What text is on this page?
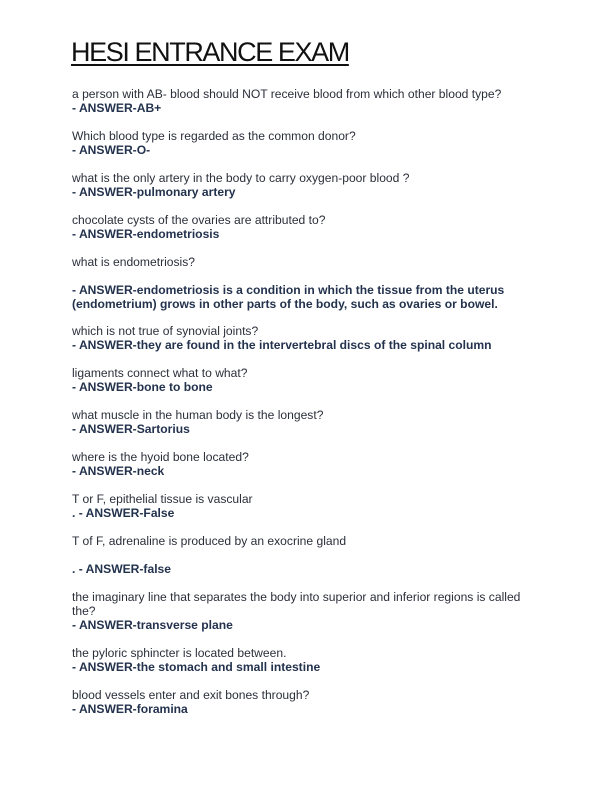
HESI ENTRANCE EXAM

a person with AB- blood should NOT receive blood from which other blood type?

- ANSWER-AB+

Which blood type is regarded as the common donor?

- ANSWER-O-

what is the only artery in the body to carry oxygen-poor blood ?

- ANSWER-pulmonary artery

chocolate cysts of the ovaries are attributed to?

- ANSWER-endometriosis

what is endometriosis?

- ANSWER-endometriosis is a condition in which the tissue from the uterus (endometrium) grows in other parts of the body, such as ovaries or bowel.

which is not true of synovial joints?

- ANSWER-they are found in the intervertebral discs of the spinal column

ligaments connect what to what?

- ANSWER-bone to bone

what muscle in the human body is the longest?

- ANSWER-Sartorius

where is the hyoid bone located?

- ANSWER-neck

T or F, epithelial tissue is vascular

. - ANSWER-False

T of F, adrenaline is produced by an exocrine gland

. - ANSWER-false

the imaginary line that separates the body into superior and inferior regions is called the?

- ANSWER-transverse plane

the pyloric sphincter is located between.

- ANSWER-the stomach and small intestine

blood vessels enter and exit bones through?

- ANSWER-foramina
